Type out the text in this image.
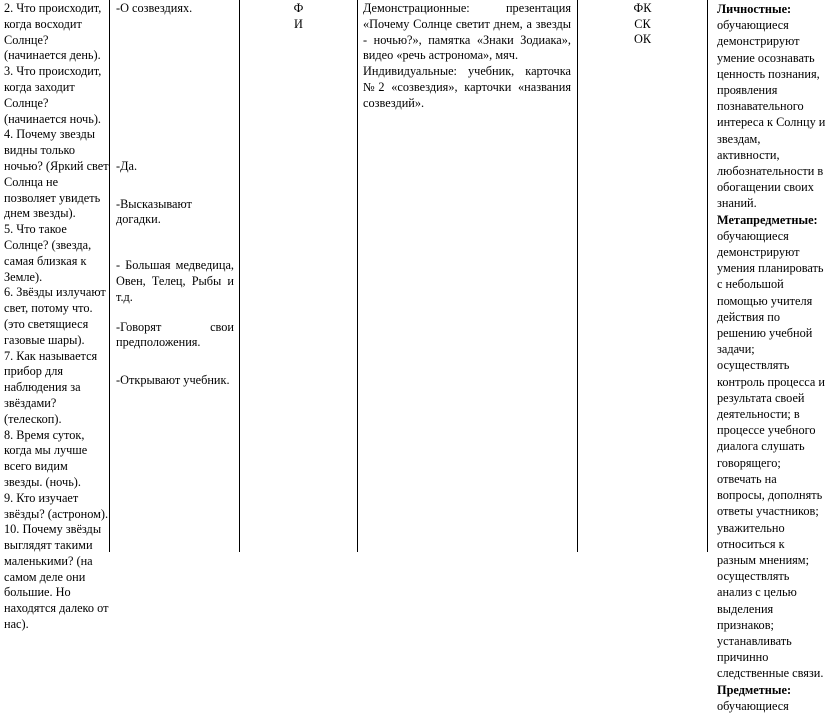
2. Что происходит, когда восходит Солнце? (начинается день).

3. Что происходит, когда заходит Солнце? (начинается ночь).

4. Почему звезды видны только ночью? (Яркий свет Солнца не позволяет увидеть днем звезды).

5. Что такое Солнце? (звезда, самая близкая к Земле).

6. Звёзды излучают свет, потому что. (это светящиеся газовые шары).

7. Как называется прибор для наблюдения за звёздами? (телескоп).

8. Время суток, когда мы лучше всего видим звезды. (ночь).

9. Кто изучает звёзды? (астроном).

10. Почему звёзды выглядят такими маленькими? (на самом деле они большие. Но находятся далеко от нас).

-О созвездиях.

-Да.

-Высказывают догадки.

- Большая медведица, Овен, Телец, Рыбы и т.д.

-Говорят свои предположения.

-Открывают учебник.

Ф
И

Демонстрационные: презентация «Почему Солнце светит днем, а звезды - ночью?», памятка «Знаки Зодиака», видео «речь астронома», мяч.

Индивидуальные: учебник, карточка №2 «созвездия», карточки «названия созвездий».

ФК
СК
ОК

Личностные: обучающиеся демонстрируют умение осознавать ценность познания, проявления познавательного интереса к Солнцу и звездам, активности, любознательности в обогащении своих знаний.

Метапредметные: обучающиеся демонстрируют умения планировать с небольшой помощью учителя действия по решению учебной задачи; осуществлять контроль процесса и результата своей деятельности; в процессе учебного диалога слушать говорящего; отвечать на вопросы, дополнять ответы участников; уважительно относиться к разным мнениям; осуществлять анализ с целью выделения признаков; устанавливать причинно следственные связи.

Предметные: обучающиеся
